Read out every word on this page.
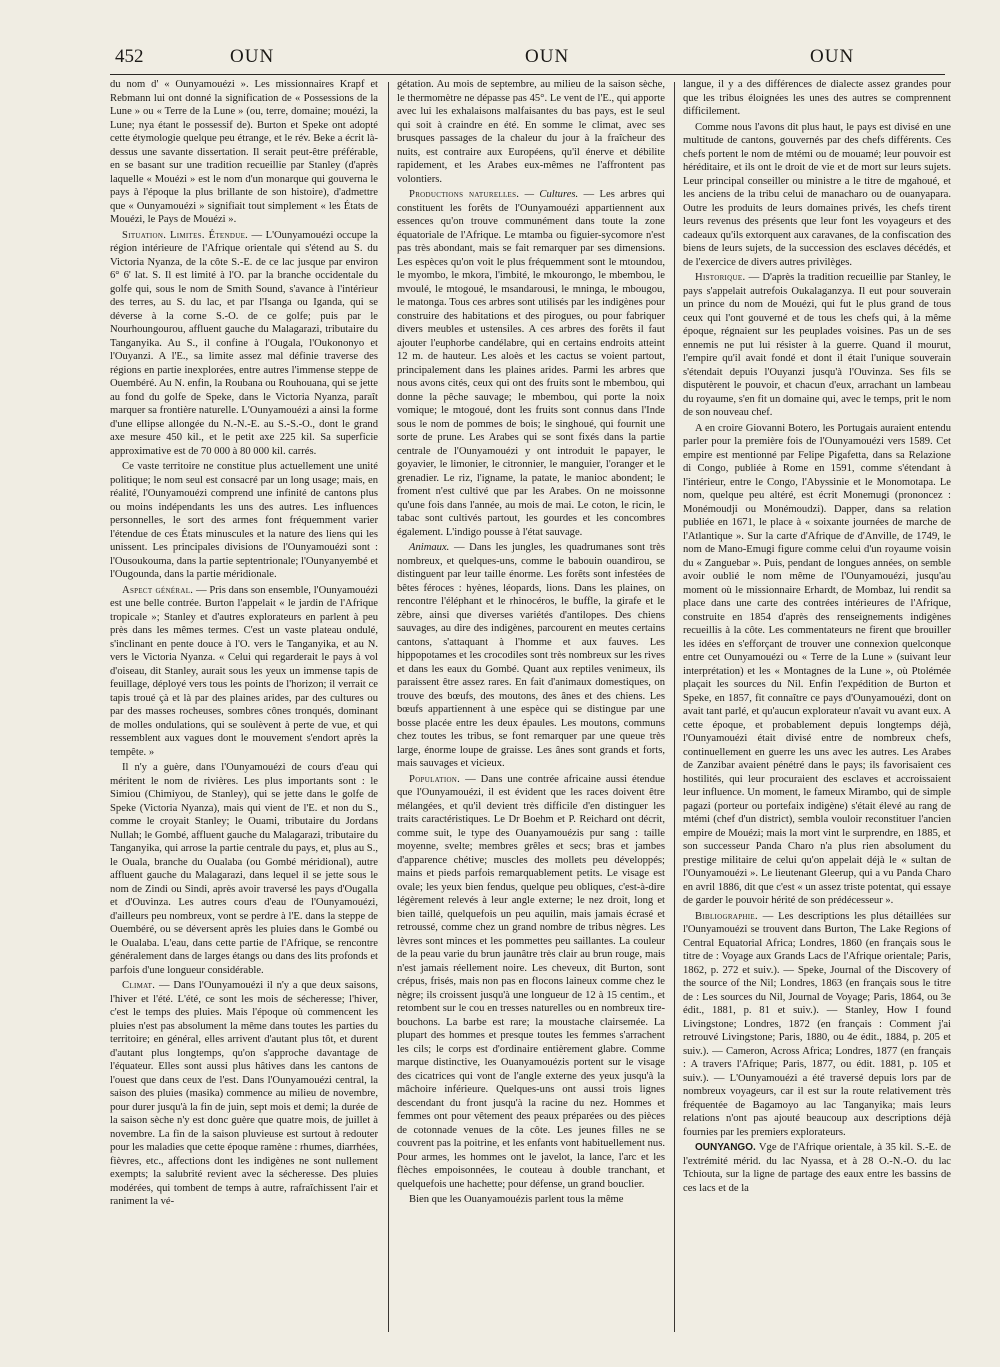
452	OUN	OUN	OUN

du nom d' « Ounyamouézi ». Les missionnaires Krapf et Rebmann lui ont donné la signification de « Possessions de la Lune » ou « Terre de la Lune » (ou, terre, domaine; mouézi, la Lune; nya étant le possessif de). Burton et Speke ont adopté cette étymologie quelque peu étrange, et le rév. Beke a écrit là-dessus une savante dissertation. Il serait peut-être préférable, en se basant sur une tradition recueillie par Stanley (d'après laquelle « Mouézi » est le nom d'un monarque qui gouverna le pays à l'époque la plus brillante de son histoire), d'admettre que « Ounyamouézi » signifiait tout simplement « les États de Mouézi, le Pays de Mouézi ».

Situation. Limites. Étendue. — L'Ounyamouézi occupe la région intérieure de l'Afrique orientale qui s'étend au S. du Victoria Nyanza, de la côte S.-E. de ce lac jusque par environ 6° 6' lat. S. Il est limité à l'O. par la branche occidentale du golfe qui, sous le nom de Smith Sound, s'avance à l'intérieur des terres, au S. du lac, et par l'Isanga ou Iganda, qui se déverse à la corne S.-O. de ce golfe; puis par le Nourhoungourou, affluent gauche du Malagarazi, tributaire du Tanganyika. Au S., il confine à l'Ougala, l'Oukononyo et l'Ouyanzi. A l'E., sa limite assez mal définie traverse des régions en partie inexplorées, entre autres l'immense steppe de Ouembéré. Au N. enfin, la Roubana ou Rouhouana, qui se jette au fond du golfe de Speke, dans le Victoria Nyanza, paraît marquer sa frontière naturelle. L'Ounyamouézi a ainsi la forme d'une ellipse allongée du N.-N.-E. au S.-S.-O., dont le grand axe mesure 450 kil., et le petit axe 225 kil. Sa superficie approximative est de 70 000 à 80 000 kil. carrés.

Ce vaste territoire ne constitue plus actuellement une unité politique; le nom seul est consacré par un long usage; mais, en réalité, l'Ounyamouézi comprend une infinité de cantons plus ou moins indépendants les uns des autres. Les influences personnelles, le sort des armes font fréquemment varier l'étendue de ces États minuscules et la nature des liens qui les unissent. Les principales divisions de l'Ounyamouézi sont : l'Ousoukouma, dans la partie septentrionale; l'Ounyanyembé et l'Ougounda, dans la partie méridionale.

Aspect général. — Pris dans son ensemble, l'Ounyamouézi est une belle contrée. Burton l'appelait « le jardin de l'Afrique tropicale »; Stanley et d'autres explorateurs en parlent à peu près dans les mêmes termes. C'est un vaste plateau ondulé, s'inclinant en pente douce à l'O. vers le Tanganyika, et au N. vers le Victoria Nyanza. « Celui qui regarderait le pays à vol d'oiseau, dit Stanley, aurait sous les yeux un immense tapis de feuillage, déployé vers tous les points de l'horizon; il verrait ce tapis troué çà et là par des plaines arides, par des cultures ou par des masses rocheuses, sombres cônes tronqués, dominant de molles ondulations, qui se soulèvent à perte de vue, et qui ressemblent aux vagues dont le mouvement s'endort après la tempête. »

Il n'y a guère, dans l'Ounyamouézi de cours d'eau qui méritent le nom de rivières. Les plus importants sont : le Simiou (Chimiyou, de Stanley), qui se jette dans le golfe de Speke (Victoria Nyanza), mais qui vient de l'E. et non du S., comme le croyait Stanley; le Ouami, tributaire du Jordans Nullah; le Gombé, affluent gauche du Malagarazi, tributaire du Tanganyika, qui arrose la partie centrale du pays, et, plus au S., le Ouala, branche du Oualaba (ou Gombé méridional), autre affluent gauche du Malagarazi, dans lequel il se jette sous le nom de Zindi ou Sindi, après avoir traversé les pays d'Ougalla et d'Ouvinza. Les autres cours d'eau de l'Ounyamouézi, d'ailleurs peu nombreux, vont se perdre à l'E. dans la steppe de Ouembéré, ou se déversent après les pluies dans le Gombé ou le Oualaba. L'eau, dans cette partie de l'Afrique, se rencontre généralement dans de larges étangs ou dans des lits profonds et parfois d'une longueur considérable.

Climat. — Dans l'Ounyamouézi il n'y a que deux saisons, l'hiver et l'été. L'été, ce sont les mois de sécheresse; l'hiver, c'est le temps des pluies. Mais l'époque où commencent les pluies n'est pas absolument la même dans toutes les parties du territoire; en général, elles arrivent d'autant plus tôt, et durent d'autant plus longtemps, qu'on s'approche davantage de l'équateur. Elles sont aussi plus hâtives dans les cantons de l'ouest que dans ceux de l'est. Dans l'Ounyamouézi central, la saison des pluies (masika) commence au milieu de novembre, pour durer jusqu'à la fin de juin, sept mois et demi; la durée de la saison sèche n'y est donc guère que quatre mois, de juillet à novembre. La fin de la saison pluvieuse est surtout à redouter pour les maladies que cette époque ramène : rhumes, diarrhées, fièvres, etc., affections dont les indigènes ne sont nullement exempts; la salubrité revient avec la sécheresse. Des pluies modérées, qui tombent de temps à autre, rafraîchissent l'air et raniment la vé-

gétation. Au mois de septembre, au milieu de la saison sèche, le thermomètre ne dépasse pas 45°. Le vent de l'E., qui apporte avec lui les exhalaisons malfaisantes du bas pays, est le seul qui soit à craindre en été. En somme le climat, avec ses brusques passages de la chaleur du jour à la fraîcheur des nuits, est contraire aux Européens, qu'il énerve et débilite rapidement, et les Arabes eux-mêmes ne l'affrontent pas volontiers.

Productions naturelles. — Cultures. — Les arbres qui constituent les forêts de l'Ounyamouézi appartiennent aux essences qu'on trouve communément dans toute la zone équatoriale de l'Afrique. Le mtamba ou figuier-sycomore n'est pas très abondant, mais se fait remarquer par ses dimensions. Les espèces qu'on voit le plus fréquemment sont le mtoundou, le myombo, le mkora, l'imbité, le mkourongo, le mbembou, le mvoulé, le mtogoué, le msandarousi, le mninga, le mbougou, le matonga. Tous ces arbres sont utilisés par les indigènes pour construire des habitations et des pirogues, ou pour fabriquer divers meubles et ustensiles. A ces arbres des forêts il faut ajouter l'euphorbe candélabre, qui en certains endroits atteint 12 m. de hauteur. Les aloès et les cactus se voient partout, principalement dans les plaines arides. Parmi les arbres que nous avons cités, ceux qui ont des fruits sont le mbembou, qui donne la pêche sauvage; le mbembou, qui porte la noix vomique; le mtogoué, dont les fruits sont connus dans l'Inde sous le nom de pommes de bois; le singhoué, qui fournit une sorte de prune. Les Arabes qui se sont fixés dans la partie centrale de l'Ounyamouézi y ont introduit le papayer, le goyavier, le limonier, le citronnier, le manguier, l'oranger et le grenadier. Le riz, l'igname, la patate, le manioc abondent; le froment n'est cultivé que par les Arabes. On ne moissonne qu'une fois dans l'année, au mois de mai. Le coton, le ricin, le tabac sont cultivés partout, les gourdes et les concombres également. L'indigo pousse à l'état sauvage.

Animaux. — Dans les jungles, les quadrumanes sont très nombreux, et quelques-uns, comme le babouin ouandirou, se distinguent par leur taille énorme. Les forêts sont infestées de bêtes féroces : hyènes, léopards, lions. Dans les plaines, on rencontre l'éléphant et le rhinocéros, le buffle, la girafe et le zèbre, ainsi que diverses variétés d'antilopes. Des chiens sauvages, au dire des indigènes, parcourent en meutes certains cantons, s'attaquant à l'homme et aux fauves. Les hippopotames et les crocodiles sont très nombreux sur les rives et dans les eaux du Gombé. Quant aux reptiles venimeux, ils paraissent être assez rares. En fait d'animaux domestiques, on trouve des bœufs, des moutons, des ânes et des chiens. Les bœufs appartiennent à une espèce qui se distingue par une bosse placée entre les deux épaules. Les moutons, communs chez toutes les tribus, se font remarquer par une queue très large, énorme loupe de graisse. Les ânes sont grands et forts, mais sauvages et vicieux.

Population. — Dans une contrée africaine aussi étendue que l'Ounyamouézi, il est évident que les races doivent être mélangées, et qu'il devient très difficile d'en distinguer les traits caractéristiques. Le Dr Boehm et P. Reichard ont décrit, comme suit, le type des Ouanyamouézis pur sang : taille moyenne, svelte; membres grêles et secs; bras et jambes d'apparence chétive; muscles des mollets peu développés; mains et pieds parfois remarquablement petits. Le visage est ovale; les yeux bien fendus, quelque peu obliques, c'est-à-dire légèrement relevés à leur angle externe; le nez droit, long et bien taillé, quelquefois un peu aquilin, mais jamais écrasé et retroussé, comme chez un grand nombre de tribus nègres. Les lèvres sont minces et les pommettes peu saillantes. La couleur de la peau varie du brun jaunâtre très clair au brun rouge, mais n'est jamais réellement noire. Les cheveux, dit Burton, sont crépus, frisés, mais non pas en flocons laineux comme chez le nègre; ils croissent jusqu'à une longueur de 12 à 15 centim., et retombent sur le cou en tresses naturelles ou en nombreux tire-bouchons. La barbe est rare; la moustache clairsemée. La plupart des hommes et presque toutes les femmes s'arrachent les cils; le corps est d'ordinaire entièrement glabre. Comme marque distinctive, les Ouanyamouézis portent sur le visage des cicatrices qui vont de l'angle externe des yeux jusqu'à la mâchoire inférieure. Quelques-uns ont aussi trois lignes descendant du front jusqu'à la racine du nez. Hommes et femmes ont pour vêtement des peaux préparées ou des pièces de cotonnade venues de la côte. Les jeunes filles ne se couvrent pas la poitrine, et les enfants vont habituellement nus. Pour armes, les hommes ont le javelot, la lance, l'arc et les flèches empoisonnées, le couteau à double tranchant, et quelquefois une hachette; pour défense, un grand bouclier.

Bien que les Ouanyamouézis parlent tous la même

langue, il y a des différences de dialecte assez grandes pour que les tribus éloignées les unes des autres se comprennent difficilement.

Comme nous l'avons dit plus haut, le pays est divisé en une multitude de cantons, gouvernés par des chefs différents. Ces chefs portent le nom de mtémi ou de mouamé; leur pouvoir est héréditaire, et ils ont le droit de vie et de mort sur leurs sujets. Leur principal conseiller ou ministre a le titre de mgahoué, et les anciens de la tribu celui de manacharo ou de ouanyapara. Outre les produits de leurs domaines privés, les chefs tirent leurs revenus des présents que leur font les voyageurs et des cadeaux qu'ils extorquent aux caravanes, de la confiscation des biens de leurs sujets, de la succession des esclaves décédés, et de l'exercice de divers autres privilèges.

Historique. — D'après la tradition recueillie par Stanley, le pays s'appelait autrefois Oukalaganzya. Il eut pour souverain un prince du nom de Mouézi, qui fut le plus grand de tous ceux qui l'ont gouverné et de tous les chefs qui, à la même époque, régnaient sur les peuplades voisines. Pas un de ses ennemis ne put lui résister à la guerre. Quand il mourut, l'empire qu'il avait fondé et dont il était l'unique souverain s'étendait depuis l'Ouyanzi jusqu'à l'Ouvinza. Ses fils se disputèrent le pouvoir, et chacun d'eux, arrachant un lambeau du royaume, s'en fit un domaine qui, avec le temps, prit le nom de son nouveau chef.

A en croire Giovanni Botero, les Portugais auraient entendu parler pour la première fois de l'Ounyamouézi vers 1589. Cet empire est mentionné par Felipe Pigafetta, dans sa Relazione di Congo, publiée à Rome en 1591, comme s'étendant à l'intérieur, entre le Congo, l'Abyssinie et le Monomotapa. Le nom, quelque peu altéré, est écrit Monemugi (prononcez : Monémoudji ou Monémoudzi). Dapper, dans sa relation publiée en 1671, le place à « soixante journées de marche de l'Atlantique ». Sur la carte d'Afrique de d'Anville, de 1749, le nom de Mano-Emugi figure comme celui d'un royaume voisin du « Zanguebar ». Puis, pendant de longues années, on semble avoir oublié le nom même de l'Ounyamouézi, jusqu'au moment où le missionnaire Erhardt, de Mombaz, lui rendit sa place dans une carte des contrées intérieures de l'Afrique, construite en 1854 d'après des renseignements indigènes recueillis à la côte. Les commentateurs ne firent que brouiller les idées en s'efforçant de trouver une connexion quelconque entre cet Ounyamouézi ou « Terre de la Lune » (suivant leur interprétation) et les « Montagnes de la Lune », où Ptolémée plaçait les sources du Nil. Enfin l'expédition de Burton et Speke, en 1857, fit connaître ce pays d'Ounyamouézi, dont on avait tant parlé, et qu'aucun explorateur n'avait vu avant eux. A cette époque, et probablement depuis longtemps déjà, l'Ounyamouézi était divisé entre de nombreux chefs, continuellement en guerre les uns avec les autres. Les Arabes de Zanzibar avaient pénétré dans le pays; ils favorisaient ces hostilités, qui leur procuraient des esclaves et accroissaient leur influence. Un moment, le fameux Mirambo, qui de simple pagazi (porteur ou portefaix indigène) s'était élevé au rang de mtémi (chef d'un district), sembla vouloir reconstituer l'ancien empire de Mouézi; mais la mort vint le surprendre, en 1885, et son successeur Panda Charo n'a plus rien absolument du prestige militaire de celui qu'on appelait déjà le « sultan de l'Ounyamouézi ». Le lieutenant Gleerup, qui a vu Panda Charo en avril 1886, dit que c'est « un assez triste potentat, qui essaye de garder le pouvoir hérité de son prédécesseur ».

Bibliographie. — Les descriptions les plus détaillées sur l'Ounyamouézi se trouvent dans Burton, The Lake Regions of Central Equatorial Africa; Londres, 1860 (en français sous le titre de : Voyage aux Grands Lacs de l'Afrique orientale; Paris, 1862, p. 272 et suiv.). — Speke, Journal of the Discovery of the source of the Nil; Londres, 1863 (en français sous le titre de : Les sources du Nil, Journal de Voyage; Paris, 1864, ou 3e édit., 1881, p. 81 et suiv.). — Stanley, How I found Livingstone; Londres, 1872 (en français : Comment j'ai retrouvé Livingstone; Paris, 1880, ou 4e édit., 1884, p. 205 et suiv.). — Cameron, Across Africa; Londres, 1877 (en français : A travers l'Afrique; Paris, 1877, ou édit. 1881, p. 105 et suiv.). — L'Ounyamouézi a été traversé depuis lors par de nombreux voyageurs, car il est sur la route relativement très fréquentée de Bagamoyo au lac Tanganyika; mais leurs relations n'ont pas ajouté beaucoup aux descriptions déjà fournies par les premiers explorateurs.

OUNYANGO. Vge de l'Afrique orientale, à 35 kil. S.-E. de l'extrémité mérid. du lac Nyassa, et à 28 O.-N.-O. du lac Tchiouta, sur la ligne de partage des eaux entre les bassins de ces lacs et de la
